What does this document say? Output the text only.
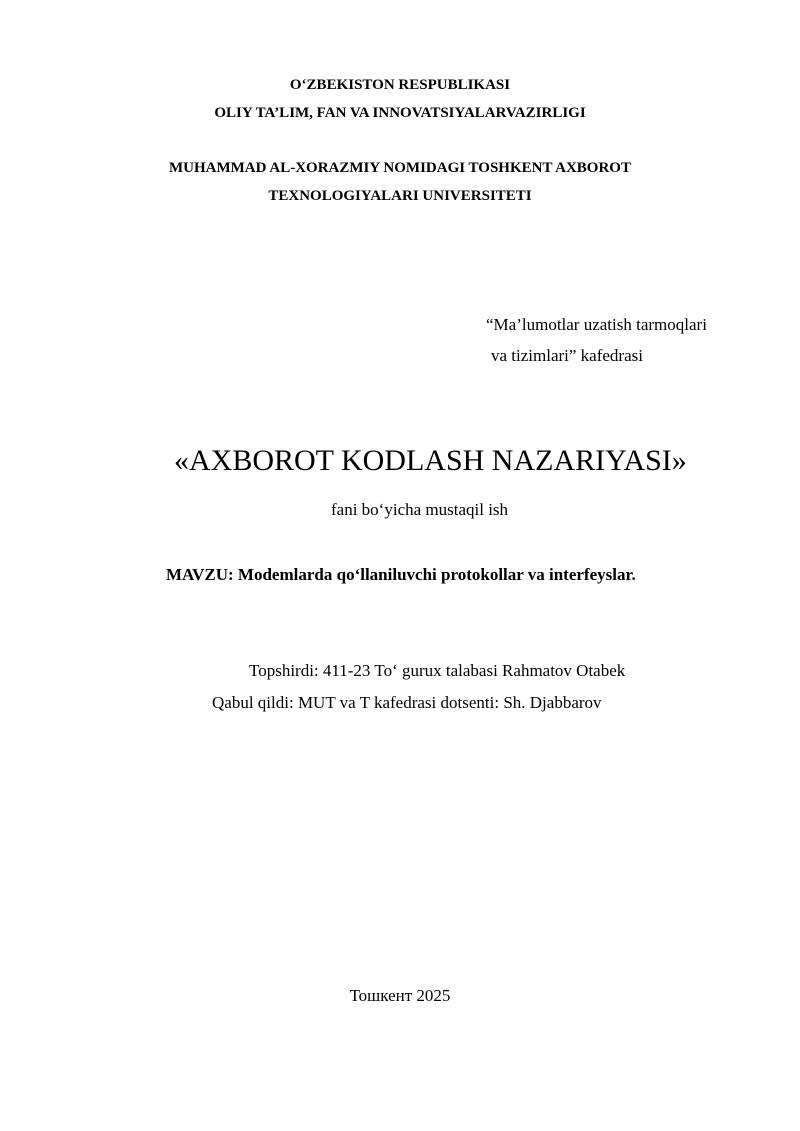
O‘ZBEKISTON RESPUBLIKASI
OLIY TA’LIM, FAN VA INNOVATSIYALARVAZIRLIGI
MUHAMMAD AL-XORAZMIY NOMIDAGI TOSHKENT AXBOROT
TEXNOLOGIYALARI UNIVERSITETI
“Ma’lumotlar uzatish tarmoqlari
va tizimlari” kafedrasi
«AXBOROT KODLASH NAZARIYASI»
fani bo‘yicha mustaqil ish
MAVZU: Modemlarda qo‘llaniluvchi protokollar va interfeyslar.
Topshirdi: 411-23 To‘ gurux talabasi Rahmatov Otabek
Qabul qildi: MUT va T kafedrasi dotsenti: Sh. Djabbarov
Тошкент 2025
